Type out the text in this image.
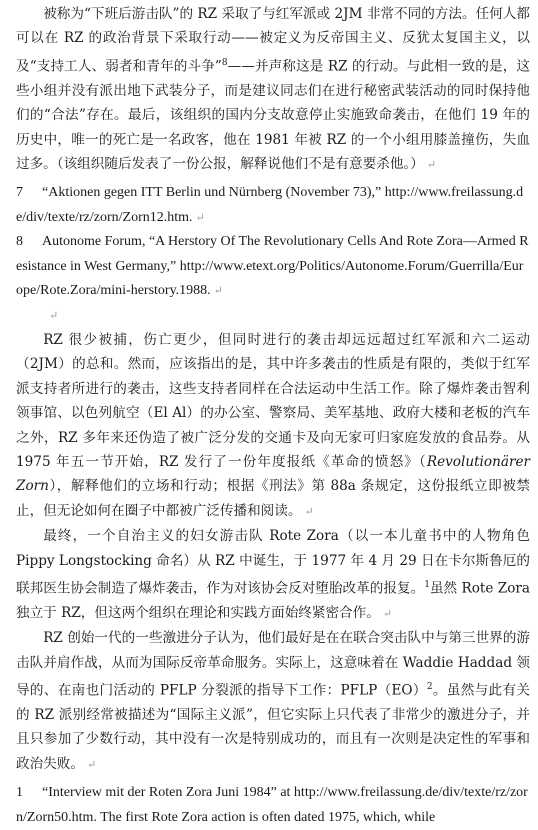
被称为“下班后游击队”的 RZ 采取了与红军派或 2JM 非常不同的方法。任何人都可以在 RZ 的政治背景下采取行动——被定义为反帝国主义、反犹太复国主义，以及“支持工人、弱者和青年的斗争”$^8$——并声称这是 RZ 的行动。与此相一致的是，这些小组并没有派出地下武装分子，而是建议同志们在进行秘密武装活动的同时保持他们的“合法”存在。最后，该组织的国内分支故意停止实施致命袭击，在他们 19 年的历史中，唯一的死亡是一名政客，他在 1981 年被 RZ 的一个小组用膝盖撞伤，失血过多。（该组织随后发表了一份公报，解释说他们不是有意要杀他。） ↵

7 “Aktionen gegen ITT Berlin und Nürnberg (November 73),” http://www.freilassung.de/div/texte/rz/zorn/Zorn12.htm. ↵

8 Autonome Forum, “A Herstory Of The Revolutionary Cells And Rote Zora—Armed Resistance in West Germany,” http://www.etext.org/Politics/Autonome.Forum/Guerrilla/Europe/Rote.Zora/mini-herstory.1988. ↵

↵

RZ 很少被捕，伤亡更少，但同时进行的袭击却远远超过红军派和六二运动（2JM）的总和。然而，应该指出的是，其中许多袭击的性质是有限的，类似于红军派支持者所进行的袭击，这些支持者同样在合法运动中生活工作。除了爆炸袭击智利领事馆、以色列航空（El Al）的办公室、警察局、美军基地、政府大楼和老板的汽车之外，RZ 多年来还伪造了被广泛分发的交通卡及向无家可归家庭发放的食品券。从 1975 年五一节开始，RZ 发行了一份年度报纸《革命的愤怒》（Revolutionärer Zorn），解释他们的立场和行动；根据《刑法》第 88a 条规定，这份报纸立即被禁止，但无论如何在圈子中都被广泛传播和阅读。 ↵

最终，一个自治主义的妇女游击队 Rote Zora（以一本儿童书中的人物角色 Pippy Longstocking 命名）从 RZ 中诞生，于 1977 年 4 月 29 日在卡尔斯鲁厄的联邦医生协会制造了爆炸袭击，作为对该协会反对堕胎改革的报复。$^1$虽然 Rote Zora 独立于 RZ，但这两个组织在理论和实践方面始终紧密合作。 ↵

RZ 创始一代的一些激进分子认为，他们最好是在在联合突击队中与第三世界的游击队并肩作战，从而为国际反帝革命服务。实际上，这意味着在 Waddie Haddad 领导的、在南也门活动的 PFLP 分裂派的指导下工作：PFLP（EO）$^2$。虽然与此有关的 RZ 派别经常被描述为“国际主义派”，但它实际上只代表了非常少的激进分子，并且只参加了少数行动，其中没有一次是特别成功的，而且有一次则是决定性的军事和政治失败。 ↵

1 “Interview mit der Roten Zora Juni 1984” at http://www.freilassung.de/div/texte/rz/zorn/Zorn50.htm. The first Rote Zora action is often dated 1975, which, while
